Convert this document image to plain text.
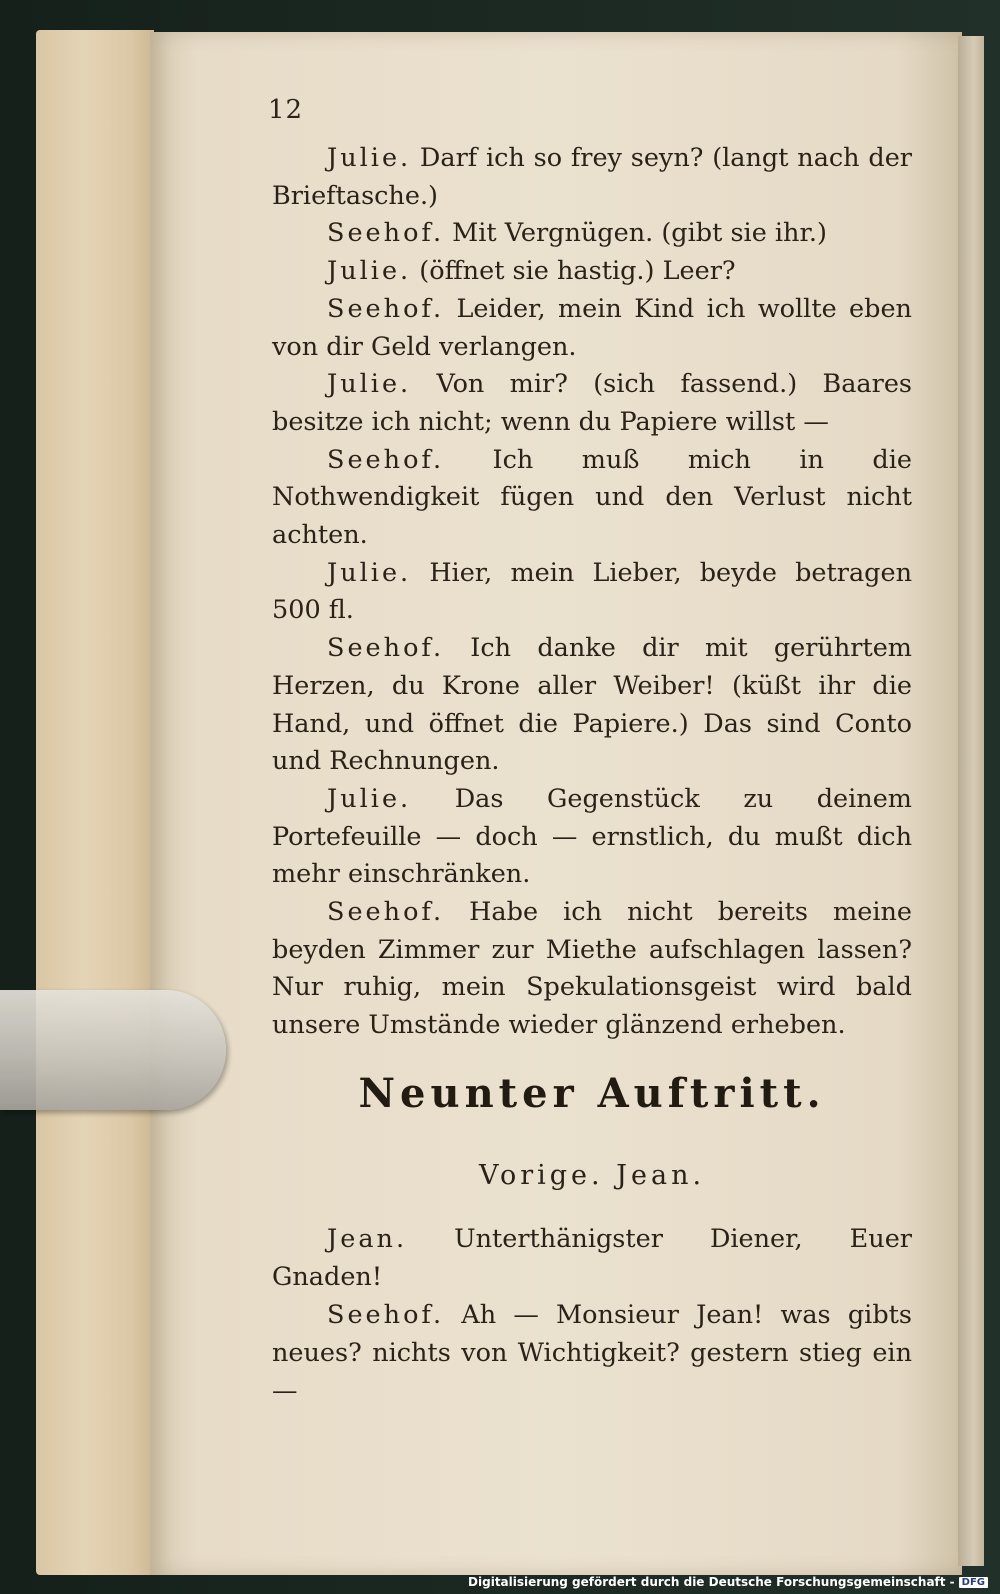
12

Julie. Darf ich so frey seyn? (langt nach der Brieftasche.)

Seehof. Mit Vergnügen. (gibt sie ihr.)

Julie. (öffnet sie hastig.) Leer?

Seehof. Leider, mein Kind ich wollte eben von dir Geld verlangen.

Julie. Von mir? (sich fassend.) Baares besitze ich nicht; wenn du Papiere willst —

Seehof. Ich muß mich in die Nothwendigkeit fügen und den Verlust nicht achten.

Julie. Hier, mein Lieber, beyde betragen 500 fl.

Seehof. Ich danke dir mit gerührtem Herzen, du Krone aller Weiber! (küßt ihr die Hand, und öffnet die Papiere.) Das sind Conto und Rechnungen.

Julie. Das Gegenstück zu deinem Portefeuille — doch — ernstlich, du mußt dich mehr einschränken.

Seehof. Habe ich nicht bereits meine beyden Zimmer zur Miethe aufschlagen lassen? Nur ruhig, mein Spekulationsgeist wird bald unsere Umstände wieder glänzend erheben.

Neunter Auftritt.
Vorige. Jean.

Jean. Unterthänigster Diener, Euer Gnaden!

Seehof. Ah — Monsieur Jean! was gibts neues? nichts von Wichtigkeit? gestern stieg ein —

Digitalisierung gefördert durch die Deutsche Forschungsgemeinschaft - DFG
